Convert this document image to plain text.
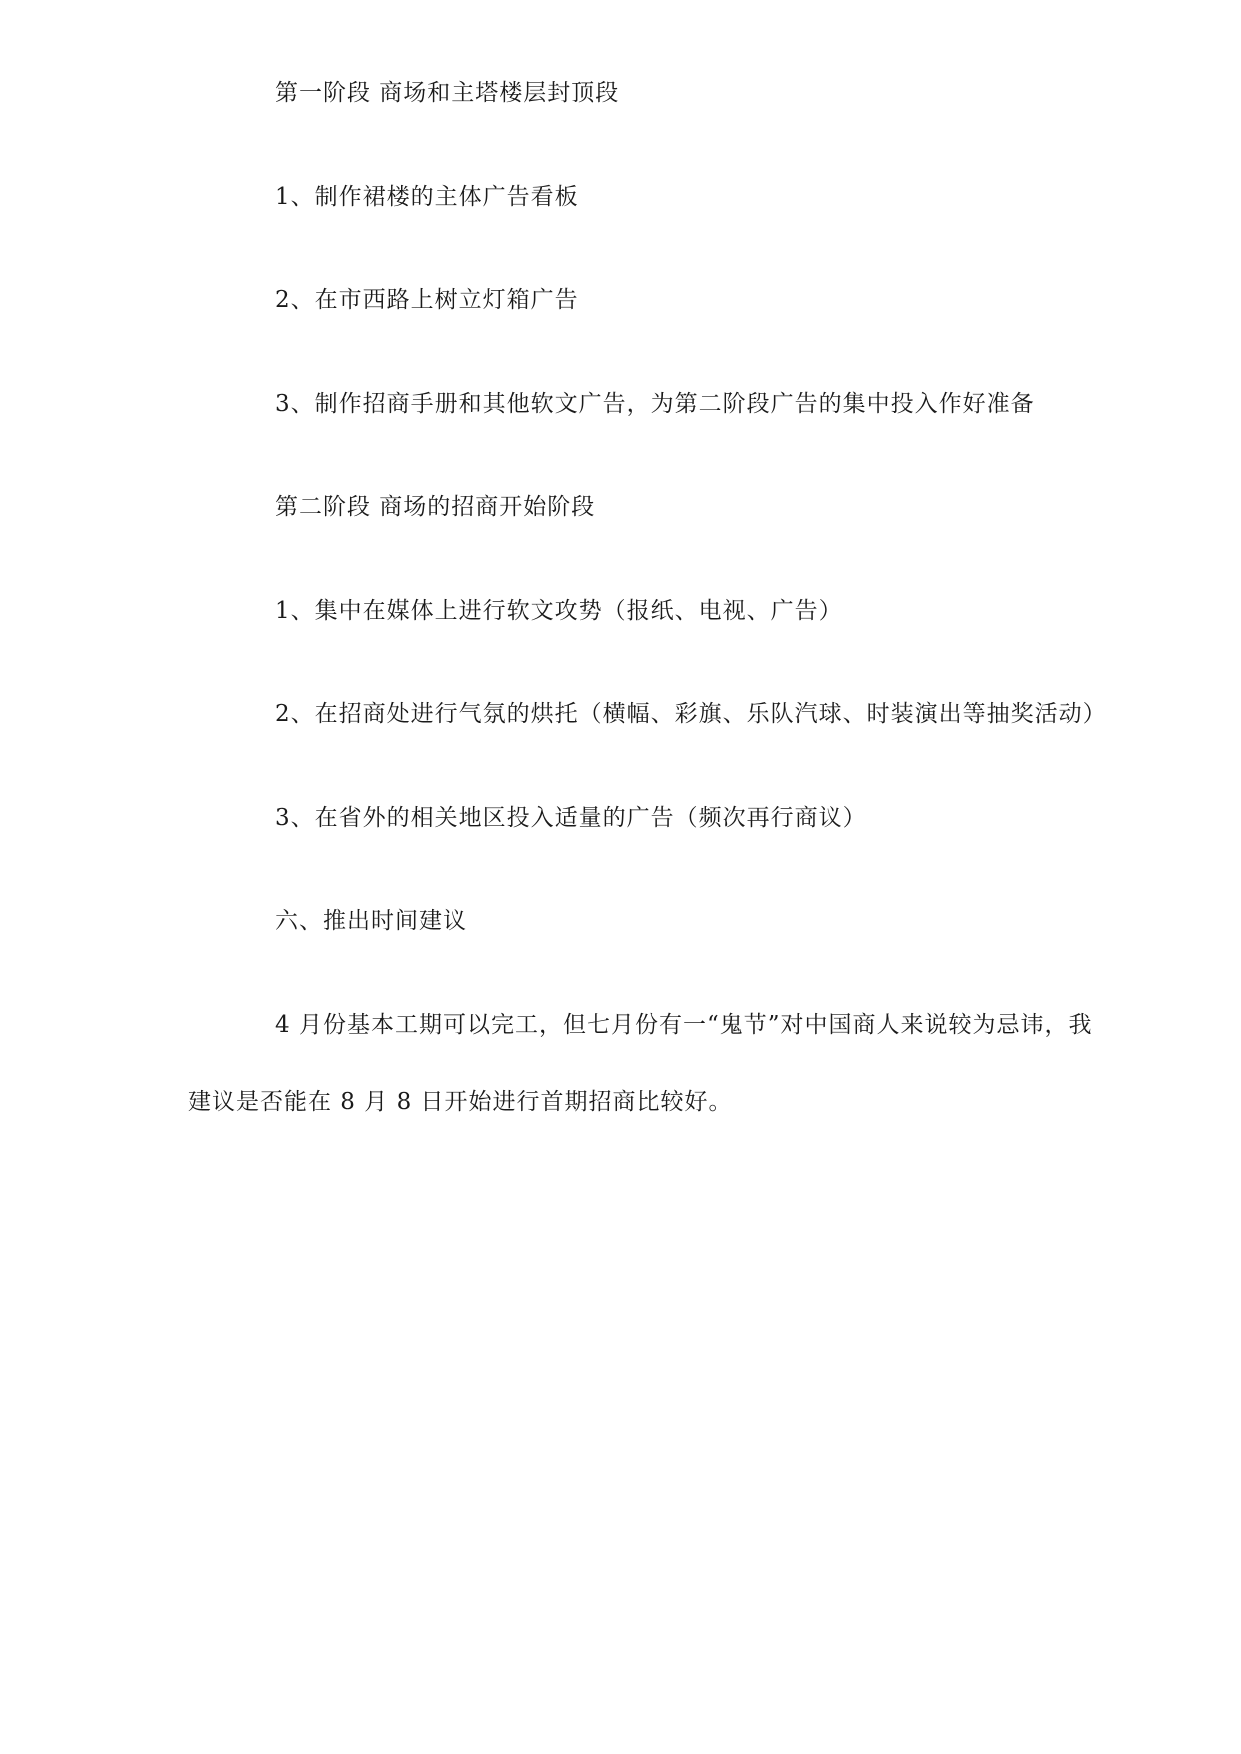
第一阶段 商场和主塔楼层封顶段
1、制作裙楼的主体广告看板
2、在市西路上树立灯箱广告
3、制作招商手册和其他软文广告，为第二阶段广告的集中投入作好准备
第二阶段 商场的招商开始阶段
1、集中在媒体上进行软文攻势（报纸、电视、广告）
2、在招商处进行气氛的烘托（横幅、彩旗、乐队汽球、时装演出等抽奖活动）
3、在省外的相关地区投入适量的广告（频次再行商议）
六、推出时间建议
4 月份基本工期可以完工，但七月份有一“鬼节”对中国商人来说较为忌讳，我
建议是否能在 8 月 8 日开始进行首期招商比较好。
